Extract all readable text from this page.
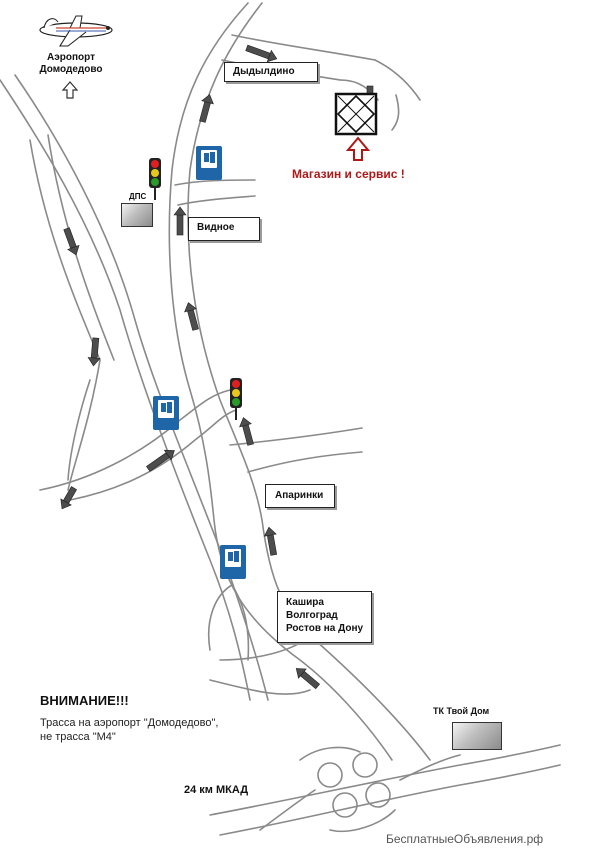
Аэропорт
Домодедово
ДПС
Дыдылдино
Видное
Магазин и сервис !
Апаринки
Кашира
Волгоград
Ростов на Дону
ТК Твой Дом
ВНИМАНИЕ!!!
Трасса на аэропорт "Домодедово",
не трасса "М4"
24 км МКАД
БесплатныеОбъявления.рф
